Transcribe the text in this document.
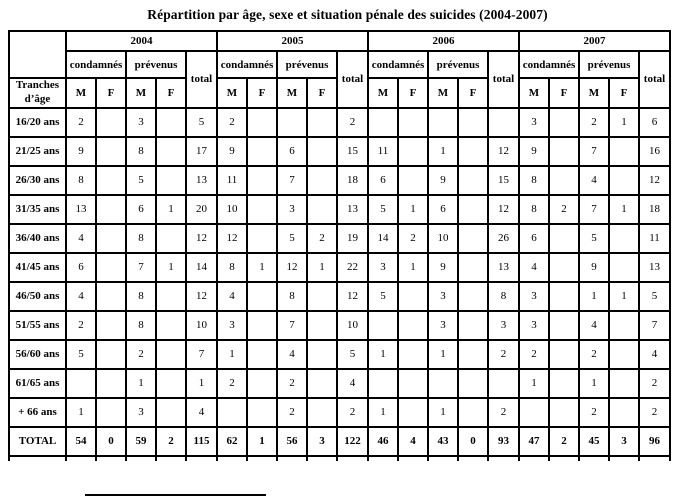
Répartition par âge, sexe et situation pénale des suicides (2004-2007)
	2004					2005					2006					2007				
	condamnés		prévenus		total	condamnés		prévenus		total	condamnés		prévenus		total	condamnés		prévenus		total
Tranches d’âge	M	F	M	F		M	F	M	F		M	F	M	F		M	F	M	F	
16/20 ans	2		3		5	2				2						3		2	1	6
21/25 ans	9		8		17	9		6		15	11		1		12	9		7		16
26/30 ans	8		5		13	11		7		18	6		9		15	8		4		12
31/35 ans	13		6	1	20	10		3		13	5	1	6		12	8	2	7	1	18
36/40 ans	4		8		12	12		5	2	19	14	2	10		26	6		5		11
41/45 ans	6		7	1	14	8	1	12	1	22	3	1	9		13	4		9		13
46/50 ans	4		8		12	4		8		12	5		3		8	3		1	1	5
51/55 ans	2		8		10	3		7		10			3		3	3		4		7
56/60 ans	5		2		7	1		4		5	1		1		2	2		2		4
61/65 ans			1		1	2		2		4						1		1		2
+ 66 ans	1		3		4			2		2	1		1		2			2		2
TOTAL	54	0	59	2	115	62	1	56	3	122	46	4	43	0	93	47	2	45	3	96
